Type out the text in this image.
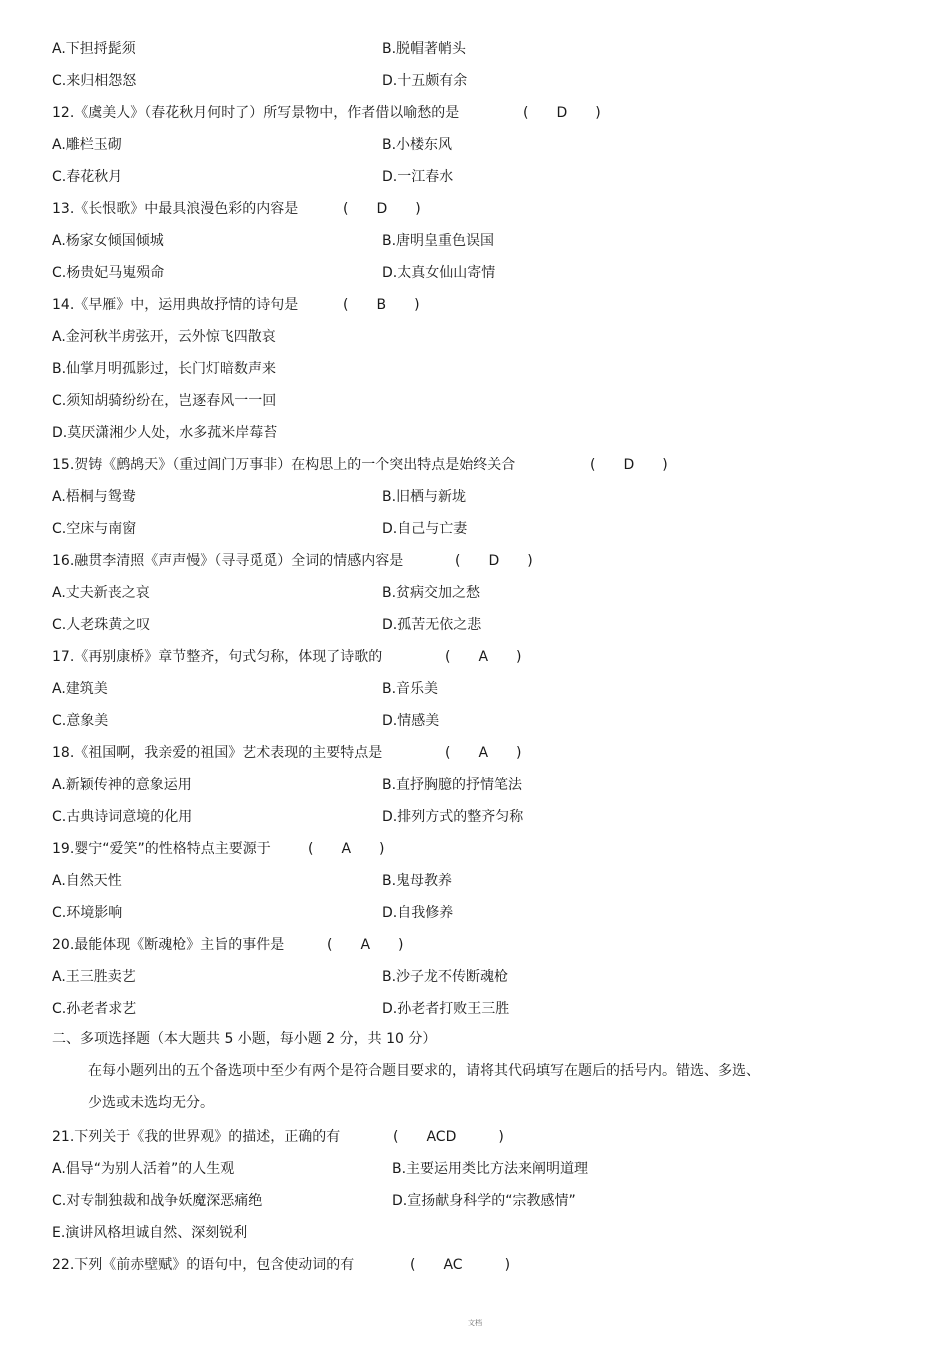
A.下担捋髭须	B.脱帽著帩头
C.来归相怨怒	D.十五颇有余
12.《虞美人》（春花秋月何时了）所写景物中，作者借以喻愁的是	(　　D　　)
A.雕栏玉砌	B.小楼东风
C.春花秋月	D.一江春水
13.《长恨歌》中最具浪漫色彩的内容是	(　　D　　)
A.杨家女倾国倾城	B.唐明皇重色误国
C.杨贵妃马嵬殒命	D.太真女仙山寄情
14.《早雁》中，运用典故抒情的诗句是	(　　B　　)
A.金河秋半虏弦开，云外惊飞四散哀
B.仙掌月明孤影过，长门灯暗数声来
C.须知胡骑纷纷在，岂逐春风一一回
D.莫厌潇湘少人处，水多菰米岸莓苔
15.贺铸《鹧鸪天》（重过阊门万事非）在构思上的一个突出特点是始终关合	(　　D　　)
A.梧桐与鸳鸯	B.旧栖与新垅
C.空床与南窗	D.自己与亡妻
16.融贯李清照《声声慢》（寻寻觅觅）全词的情感内容是	(　　D　　)
A.丈夫新丧之哀	B.贫病交加之愁
C.人老珠黄之叹	D.孤苦无依之悲
17.《再别康桥》章节整齐，句式匀称，体现了诗歌的	(　　A　　)
A.建筑美	B.音乐美
C.意象美	D.情感美
18.《祖国啊，我亲爱的祖国》艺术表现的主要特点是	(　　A　　)
A.新颖传神的意象运用	B.直抒胸臆的抒情笔法
C.古典诗词意境的化用	D.排列方式的整齐匀称
19.婴宁“爱笑”的性格特点主要源于	(　　A　　)
A.自然天性	B.鬼母教养
C.环境影响	D.自我修养
20.最能体现《断魂枪》主旨的事件是	(　　A　　)
A.王三胜卖艺	B.沙子龙不传断魂枪
C.孙老者求艺	D.孙老者打败王三胜
二、多项选择题（本大题共 5 小题，每小题 2 分，共 10 分）
在每小题列出的五个备选项中至少有两个是符合题目要求的，请将其代码填写在题后的括号内。错选、多选、
少选或未选均无分。
21.下列关于《我的世界观》的描述，正确的有	(　　ACD　　　)
A.倡导“为别人活着”的人生观	B.主要运用类比方法来阐明道理
C.对专制独裁和战争妖魔深恶痛绝	D.宣扬献身科学的“宗教感情”
E.演讲风格坦诚自然、深刻锐利
22.下列《前赤壁赋》的语句中，包含使动词的有	(　　AC　　　)
文档
